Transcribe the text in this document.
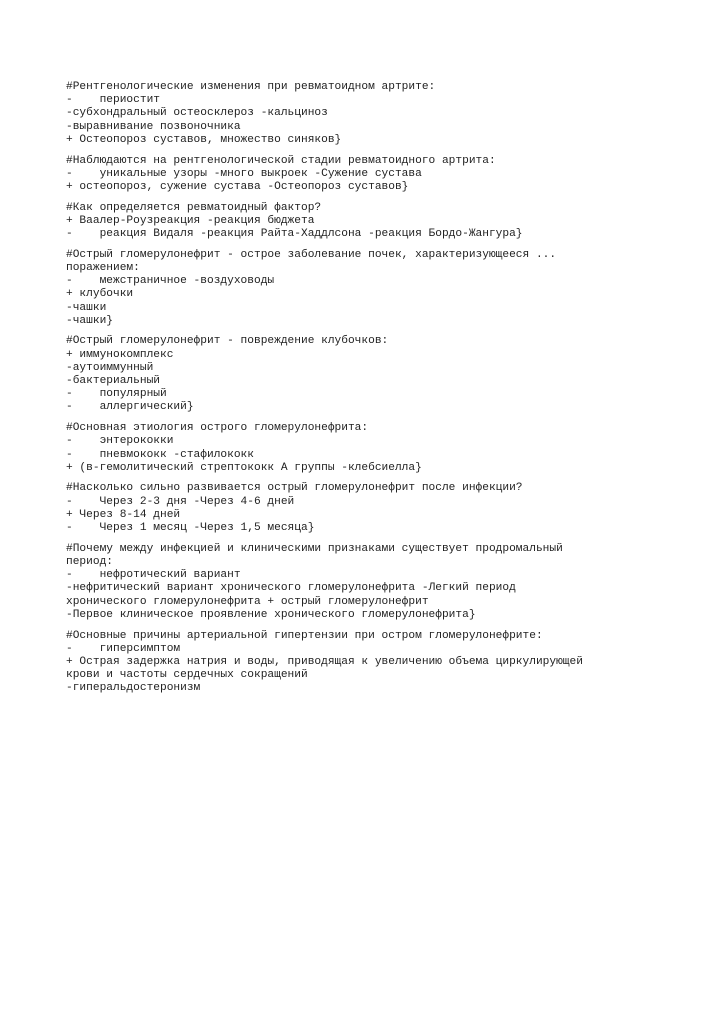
#Рентгенологические изменения при ревматоидном артрите:
-    периостит
-субхондральный остеосклероз -кальциноз
-выравнивание позвоночника
+ Остеопороз суставов, множество синяков}
#Наблюдаются на рентгенологической стадии ревматоидного артрита:
-    уникальные узоры -много выкроек -Сужение сустава
+ остеопороз, сужение сустава -Остеопороз суставов}
#Как определяется ревматоидный фактор?
+ Ваалер-Роузреакция -реакция бюджета
-    реакция Видаля -реакция Райта-Хаддлсона -реакция Бордо-Жангура}
#Острый гломерулонефрит - острое заболевание почек, характеризующееся ...
поражением:
-    межстраничное -воздуховоды
+ клубочки
-чашки
-чашки}
#Острый гломерулонефрит - повреждение клубочков:
+ иммунокомплекс
-аутоиммунный
-бактериальный
-    популярный
-    аллергический}
#Основная этиология острого гломерулонефрита:
-    энтерококки
-    пневмококк -стафилококк
+ (в-гемолитический стрептококк А группы -клебсиелла}
#Насколько сильно развивается острый гломерулонефрит после инфекции?
-    Через 2-3 дня -Через 4-6 дней
+ Через 8-14 дней
-    Через 1 месяц -Через 1,5 месяца}
#Почему между инфекцией и клиническими признаками существует продромальный
период:
-    нефротический вариант
-нефритический вариант хронического гломерулонефрита -Легкий период
хронического гломерулонефрита + острый гломерулонефрит
-Первое клиническое проявление хронического гломерулонефрита}
#Основные причины артериальной гипертензии при остром гломерулонефрите:
-    гиперсимптом
+ Острая задержка натрия и воды, приводящая к увеличению объема циркулирующей
крови и частоты сердечных сокращений
-гиперальдостеронизм
